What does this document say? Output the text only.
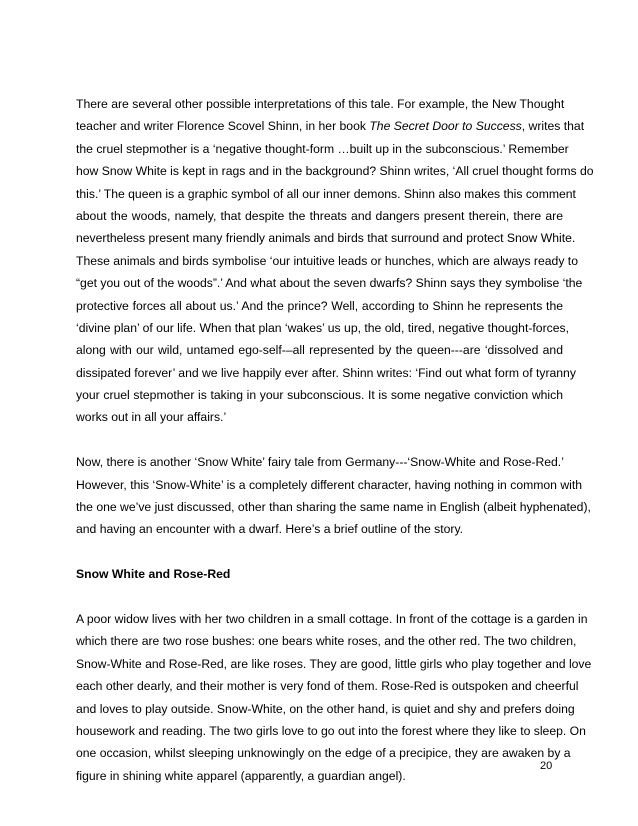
There are several other possible interpretations of this tale. For example, the New Thought
teacher and writer Florence Scovel Shinn, in her book The Secret Door to Success, writes that
the cruel stepmother is a ‘negative thought-form …built up in the subconscious.’ Remember
how Snow White is kept in rags and in the background? Shinn writes, ‘All cruel thought forms do
this.’ The queen is a graphic symbol of all our inner demons. Shinn also makes this comment
about the woods, namely, that despite the threats and dangers present therein, there are
nevertheless present many friendly animals and birds that surround and protect Snow White.
These animals and birds symbolise ‘our intuitive leads or hunches, which are always ready to
“get you out of the woods”.’ And what about the seven dwarfs? Shinn says they symbolise ‘the
protective forces all about us.’ And the prince? Well, according to Shinn he represents the
‘divine plan’ of our life. When that plan ‘wakes’ us up, the old, tired, negative thought-forces,
along with our wild, untamed ego-self-–all represented by the queen---are ‘dissolved and
dissipated forever’ and we live happily ever after. Shinn writes: ‘Find out what form of tyranny
your cruel stepmother is taking in your subconscious. It is some negative conviction which
works out in all your affairs.’
Now, there is another ‘Snow White’ fairy tale from Germany---‘Snow-White and Rose-Red.’
However, this ‘Snow-White’ is a completely different character, having nothing in common with
the one we’ve just discussed, other than sharing the same name in English (albeit hyphenated),
and having an encounter with a dwarf. Here’s a brief outline of the story.
Snow White and Rose-Red
A poor widow lives with her two children in a small cottage. In front of the cottage is a garden in
which there are two rose bushes: one bears white roses, and the other red. The two children,
Snow-White and Rose-Red, are like roses. They are good, little girls who play together and love
each other dearly, and their mother is very fond of them. Rose-Red is outspoken and cheerful
and loves to play outside. Snow-White, on the other hand, is quiet and shy and prefers doing
housework and reading. The two girls love to go out into the forest where they like to sleep. On
one occasion, whilst sleeping unknowingly on the edge of a precipice, they are awaken by a
figure in shining white apparel (apparently, a guardian angel).
20
